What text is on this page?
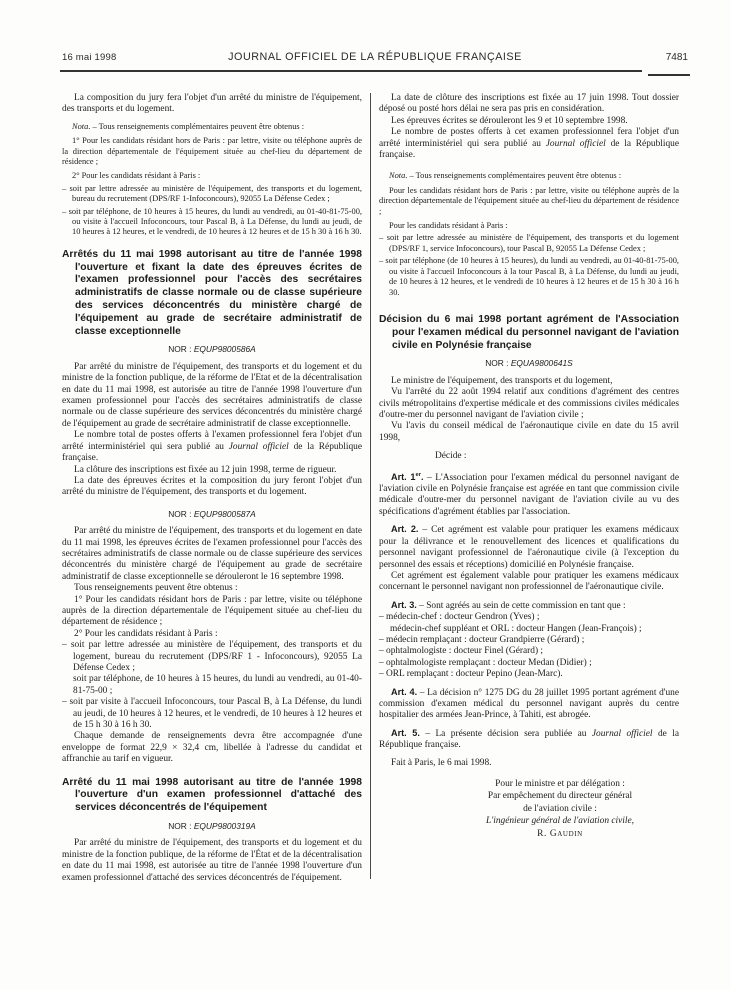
16 mai 1998	JOURNAL OFFICIEL DE LA RÉPUBLIQUE FRANÇAISE	7481
La composition du jury fera l'objet d'un arrêté du ministre de l'équipement, des transports et du logement.
Nota. – Tous renseignements complémentaires peuvent être obtenus :
1° Pour les candidats résidant hors de Paris : par lettre, visite ou téléphone auprès de la direction départementale de l'équipement située au chef-lieu du département de résidence ;
2° Pour les candidats résidant à Paris :
– soit par lettre adressée au ministère de l'équipement, des transports et du logement, bureau du recrutement (DPS/RF 1-Infoconcours), 92055 La Défense Cedex ;
– soit par téléphone, de 10 heures à 15 heures, du lundi au vendredi, au 01-40-81-75-00, ou visite à l'accueil Infoconcours, tour Pascal B, à La Défense, du lundi au jeudi, de 10 heures à 12 heures, et le vendredi, de 10 heures à 12 heures et de 15 h 30 à 16 h 30.
Arrêtés du 11 mai 1998 autorisant au titre de l'année 1998 l'ouverture et fixant la date des épreuves écrites de l'examen professionnel pour l'accès des secrétaires administratifs de classe normale ou de classe supérieure des services déconcentrés du ministère chargé de l'équipement au grade de secrétaire administratif de classe exceptionnelle
NOR : EQUP9800586A
Par arrêté du ministre de l'équipement, des transports et du logement et du ministre de la fonction publique, de la réforme de l'Etat et de la décentralisation en date du 11 mai 1998, est autorisée au titre de l'année 1998 l'ouverture d'un examen professionnel pour l'accès des secrétaires administratifs de classe normale ou de classe supérieure des services déconcentrés du ministère chargé de l'équipement au grade de secrétaire administratif de classe exceptionnelle.
Le nombre total de postes offerts à l'examen professionnel fera l'objet d'un arrêté interministériel qui sera publié au Journal officiel de la République française.
La clôture des inscriptions est fixée au 12 juin 1998, terme de rigueur.
La date des épreuves écrites et la composition du jury feront l'objet d'un arrêté du ministre de l'équipement, des transports et du logement.
NOR : EQUP9800587A
Par arrêté du ministre de l'équipement, des transports et du logement en date du 11 mai 1998, les épreuves écrites de l'examen professionnel pour l'accès des secrétaires administratifs de classe normale ou de classe supérieure des services déconcentrés du ministère chargé de l'équipement au grade de secrétaire administratif de classe exceptionnelle se dérouleront le 16 septembre 1998.
Tous renseignements peuvent être obtenus :
1° Pour les candidats résidant hors de Paris : par lettre, visite ou téléphone auprès de la direction départementale de l'équipement située au chef-lieu du département de résidence ;
2° Pour les candidats résidant à Paris :
– soit par lettre adressée au ministère de l'équipement, des transports et du logement, bureau du recrutement (DPS/RF 1 - Infoconcours), 92055 La Défense Cedex ;
soit par téléphone, de 10 heures à 15 heures, du lundi au vendredi, au 01-40-81-75-00 ;
– soit par visite à l'accueil Infoconcours, tour Pascal B, à La Défense, du lundi au jeudi, de 10 heures à 12 heures, et le vendredi, de 10 heures à 12 heures et de 15 h 30 à 16 h 30.
Chaque demande de renseignements devra être accompagnée d'une enveloppe de format 22,9 × 32,4 cm, libellée à l'adresse du candidat et affranchie au tarif en vigueur.
Arrêté du 11 mai 1998 autorisant au titre de l'année 1998 l'ouverture d'un examen professionnel d'attaché des services déconcentrés de l'équipement
NOR : EQUP9800319A
Par arrêté du ministre de l'équipement, des transports et du logement et du ministre de la fonction publique, de la réforme de l'État et de la décentralisation en date du 11 mai 1998, est autorisée au titre de l'année 1998 l'ouverture d'un examen professionnel d'attaché des services déconcentrés de l'équipement.
La date de clôture des inscriptions est fixée au 17 juin 1998. Tout dossier déposé ou posté hors délai ne sera pas pris en considération.
Les épreuves écrites se dérouleront les 9 et 10 septembre 1998.
Le nombre de postes offerts à cet examen professionnel fera l'objet d'un arrêté interministériel qui sera publié au Journal officiel de la République française.
Nota. – Tous renseignements complémentaires peuvent être obtenus :
Pour les candidats résidant hors de Paris : par lettre, visite ou téléphone auprès de la direction départementale de l'équipement située au chef-lieu du département de résidence ;
Pour les candidats résidant à Paris :
– soit par lettre adressée au ministère de l'équipement, des transports et du logement (DPS/RF 1, service Infoconcours), tour Pascal B, 92055 La Défense Cedex ;
– soit par téléphone (de 10 heures à 15 heures), du lundi au vendredi, au 01-40-81-75-00, ou visite à l'accueil Infoconcours à la tour Pascal B, à La Défense, du lundi au jeudi, de 10 heures à 12 heures, et le vendredi de 10 heures à 12 heures et de 15 h 30 à 16 h 30.
Décision du 6 mai 1998 portant agrément de l'Association pour l'examen médical du personnel navigant de l'aviation civile en Polynésie française
NOR : EQUA9800641S
Le ministre de l'équipement, des transports et du logement,
Vu l'arrêté du 22 août 1994 relatif aux conditions d'agrément des centres civils métropolitains d'expertise médicale et des commissions civiles médicales d'outre-mer du personnel navigant de l'aviation civile ;
Vu l'avis du conseil médical de l'aéronautique civile en date du 15 avril 1998,
Décide :
Art. 1er. – L'Association pour l'examen médical du personnel navigant de l'aviation civile en Polynésie française est agréée en tant que commission civile médicale d'outre-mer du personnel navigant de l'aviation civile au vu des spécifications d'agrément établies par l'association.
Art. 2. – Cet agrément est valable pour pratiquer les examens médicaux pour la délivrance et le renouvellement des licences et qualifications du personnel navigant professionnel de l'aéronautique civile (à l'exception du personnel des essais et réceptions) domicilié en Polynésie française.
Cet agrément est également valable pour pratiquer les examens médicaux concernant le personnel navigant non professionnel de l'aéronautique civile.
Art. 3. – Sont agréés au sein de cette commission en tant que :
– médecin-chef : docteur Gendron (Yves) ;
médecin-chef suppléant et ORL : docteur Hangen (Jean-François) ;
– médecin remplaçant : docteur Grandpierre (Gérard) ;
– ophtalmologiste : docteur Finel (Gérard) ;
– ophtalmologiste remplaçant : docteur Medan (Didier) ;
– ORL remplaçant : docteur Pepino (Jean-Marc).
Art. 4. – La décision n° 1275 DG du 28 juillet 1995 portant agrément d'une commission d'examen médical du personnel navigant auprès du centre hospitalier des armées Jean-Prince, à Tahiti, est abrogée.
Art. 5. – La présente décision sera publiée au Journal officiel de la République française.
Fait à Paris, le 6 mai 1998.
Pour le ministre et par délégation :
Par empêchement du directeur général
de l'aviation civile :
L'ingénieur général de l'aviation civile,
R. Gaudin
